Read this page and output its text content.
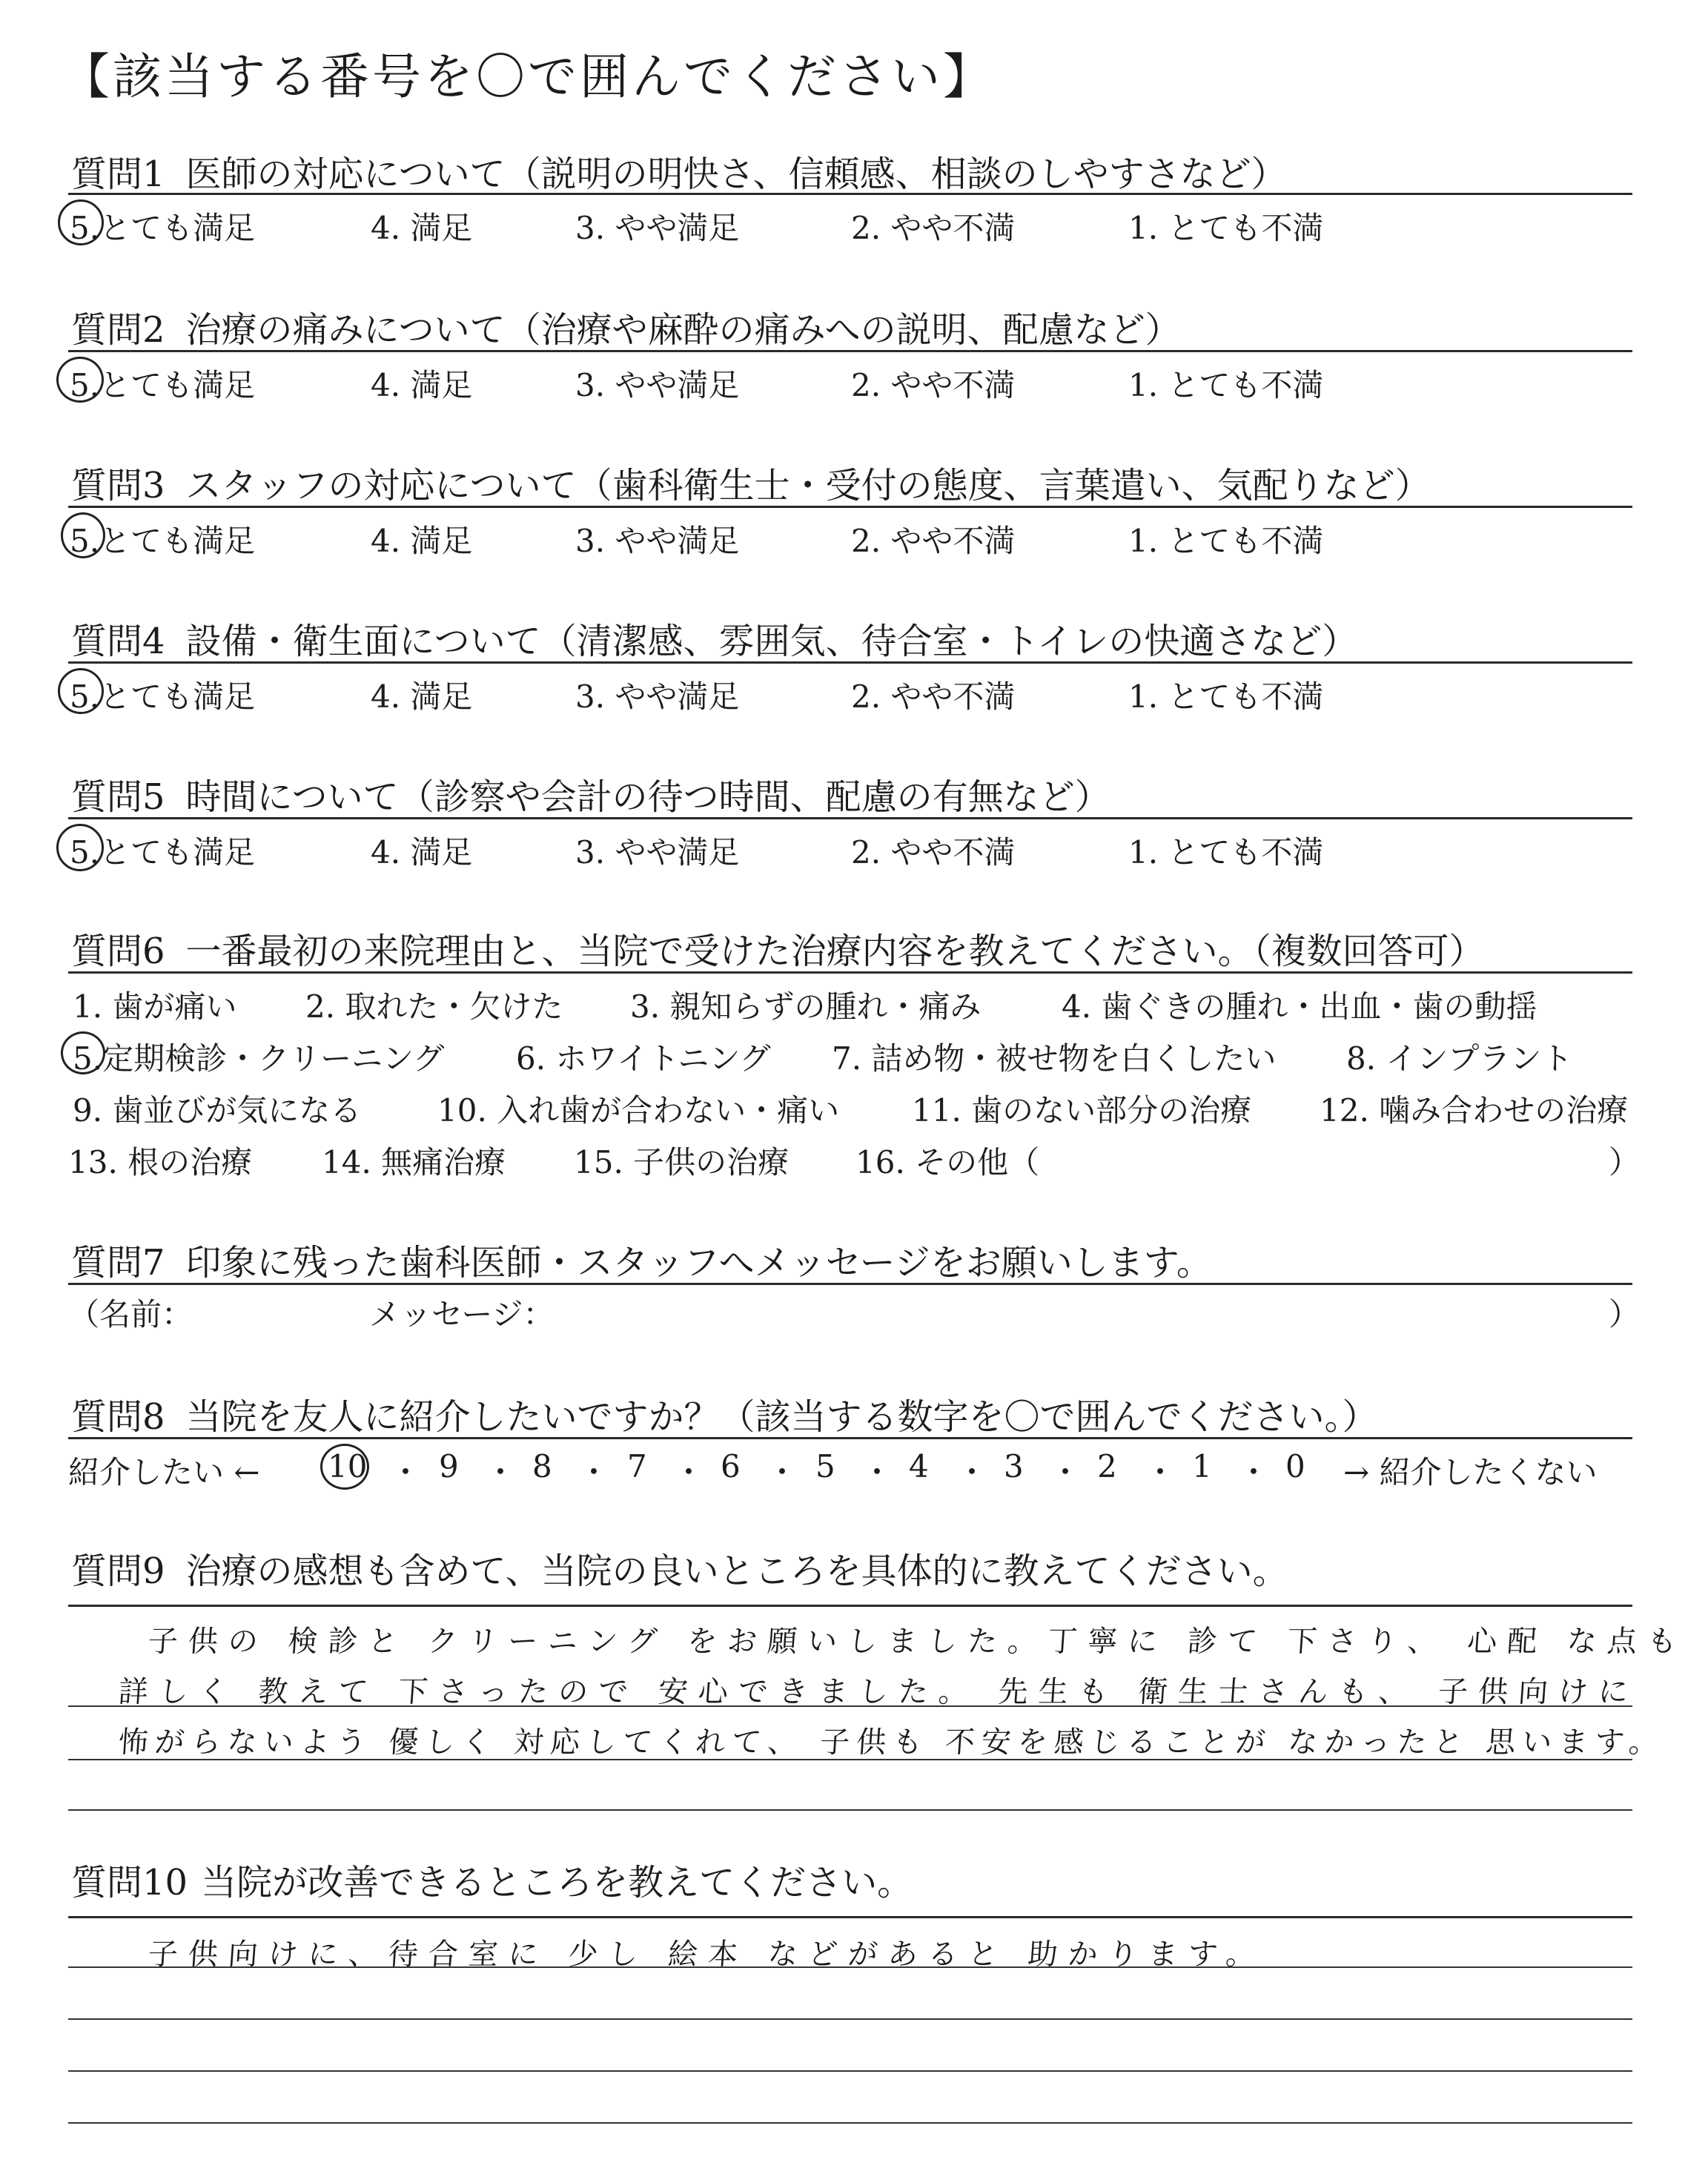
【該当する番号を〇で囲んでください】
質問1 医師の対応について（説明の明快さ、信頼感、相談のしやすさなど）
5.とても満足	4. 満足	3. やや満足	2. やや不満	1. とても不満
質問2 治療の痛みについて（治療や麻酔の痛みへの説明、配慮など）
5.とても満足	4. 満足	3. やや満足	2. やや不満	1. とても不満
質問3 スタッフの対応について（歯科衛生士・受付の態度、言葉遣い、気配りなど）
5.とても満足	4. 満足	3. やや満足	2. やや不満	1. とても不満
質問4 設備・衛生面について（清潔感、雰囲気、待合室・トイレの快適さなど）
5.とても満足	4. 満足	3. やや満足	2. やや不満	1. とても不満
質問5 時間について（診察や会計の待つ時間、配慮の有無など）
5.とても満足	4. 満足	3. やや満足	2. やや不満	1. とても不満
質問6 一番最初の来院理由と、当院で受けた治療内容を教えてください。（複数回答可）
1. 歯が痛い 2. 取れた・欠けた 3. 親知らずの腫れ・痛み	4. 歯ぐきの腫れ・出血・歯の動揺
5.定期検診・クリーニング 6. ホワイトニング 7. 詰め物・被せ物を白くしたい 8. インプラント
9. 歯並びが気になる 10. 入れ歯が合わない・痛い 11. 歯のない部分の治療 12. 噛み合わせの治療
13. 根の治療 14. 無痛治療 15. 子供の治療 16. その他（	）
質問7 印象に残った歯科医師・スタッフへメッセージをお願いします。
（名前：	メッセージ：	）
質問8 当院を友人に紹介したいですか？（該当する数字を〇で囲んでください。）
紹介したい ← 10 ・ 9 ・ 8 ・ 7 ・ 6 ・ 5 ・ 4 ・ 3 ・ 2 ・ 1 ・ 0 → 紹介したくない
質問9 治療の感想も含めて、当院の良いところを具体的に教えてください。
子供の 検診と クリーニング をお願いしました。丁寧に 診て 下さり、 心配 な点も
詳しく 教えて 下さったので 安心できました。 先生も 衛生士さんも、 子供向けに
怖がらないよう 優しく 対応してくれて、 子供も 不安を感じることが なかったと 思います。
質問10 当院が改善できるところを教えてください。
子供向けに、待合室に 少し 絵本 などがあると 助かります。
